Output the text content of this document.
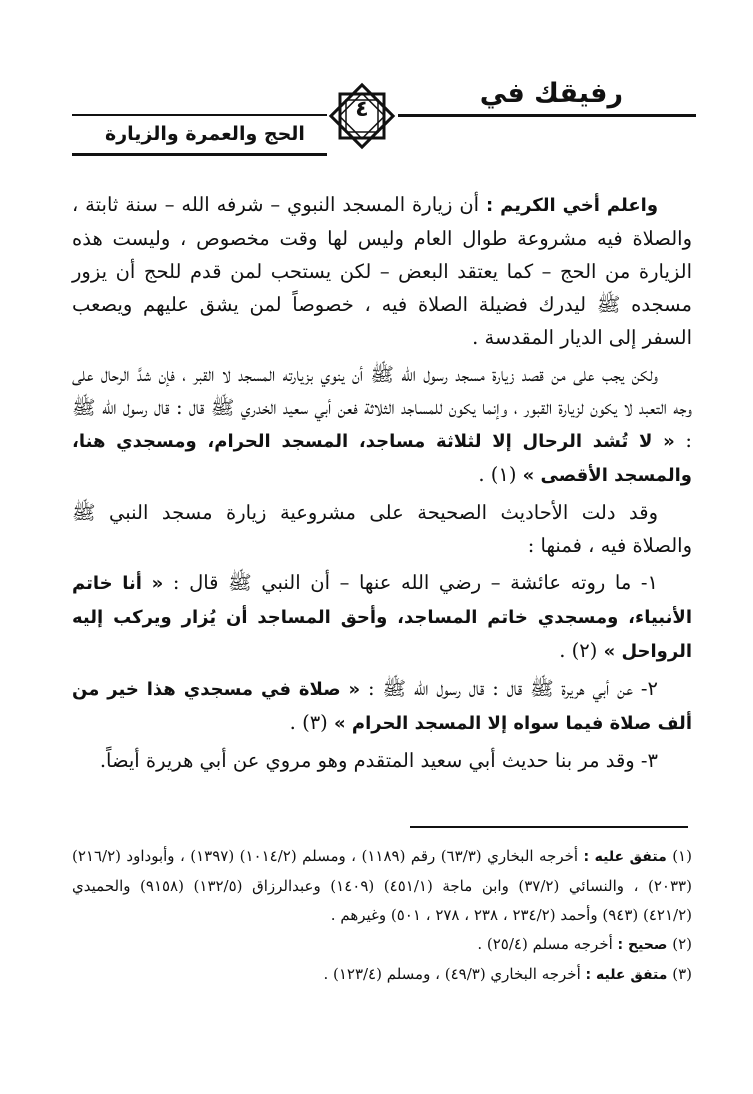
رفيقك في
الحج والعمرة والزيارة
٤

واعلم أخي الكريم : أن زيارة المسجد النبوي – شرفه الله – سنة ثابتة ، والصلاة فيه مشروعة طوال العام وليس لها وقت مخصوص ، وليست هذه الزيارة من الحج – كما يعتقد البعض – لكن يستحب لمن قدم للحج أن يزور مسجده ﷺ ليدرك فضيلة الصلاة فيه ، خصوصاً لمن يشق عليهم ويصعب السفر إلى الديار المقدسة .

ولكن يجب على من قصد زيارة مسجد رسول الله ﷺ أن ينوي بزيارته المسجد لا القبر ، فإن شدَّ الرحال على وجه التعبد لا يكون لزيارة القبور ، وإنما يكون للمساجد الثلاثة فعن أبي سعيد الخدري ﷺ قال : قال رسول الله ﷺ : « لا تُشد الرحال إلا لثلاثة مساجد، المسجد الحرام، ومسجدي هنا، والمسجد الأقصى » (١) .

وقد دلت الأحاديث الصحيحة على مشروعية زيارة مسجد النبي ﷺ والصلاة فيه ، فمنها :

١- ما روته عائشة – رضي الله عنها – أن النبي ﷺ قال : « أنا خاتم الأنبياء، ومسجدي خاتم المساجد، وأحق المساجد أن يُزار ويركب إليه الرواحل » (٢) .

٢- عن أبي هريرة ﷺ قال : قال رسول الله ﷺ : « صلاة في مسجدي هذا خير من ألف صلاة فيما سواه إلا المسجد الحرام » (٣) .

٣- وقد مر بنا حديث أبي سعيد المتقدم وهو مروي عن أبي هريرة أيضاً.

(١) متفق عليه : أخرجه البخاري (٦٣/٣) رقم (١١٨٩) ، ومسلم (١٠١٤/٢) (١٣٩٧) ، وأبوداود (٢١٦/٢) (٢٠٣٣) ، والنسائي (٣٧/٢) وابن ماجة (٤٥١/١) (١٤٠٩) وعبدالرزاق (١٣٢/٥) (٩١٥٨) والحميدي (٤٢١/٢) (٩٤٣) وأحمد (٢٣٤/٢ ، ٢٣٨ ، ٢٧٨ ، ٥٠١) وغيرهم .

(٢) صحيح : أخرجه مسلم (٢٥/٤) .

(٣) متفق عليه : أخرجه البخاري (٤٩/٣) ، ومسلم (١٢٣/٤) .
